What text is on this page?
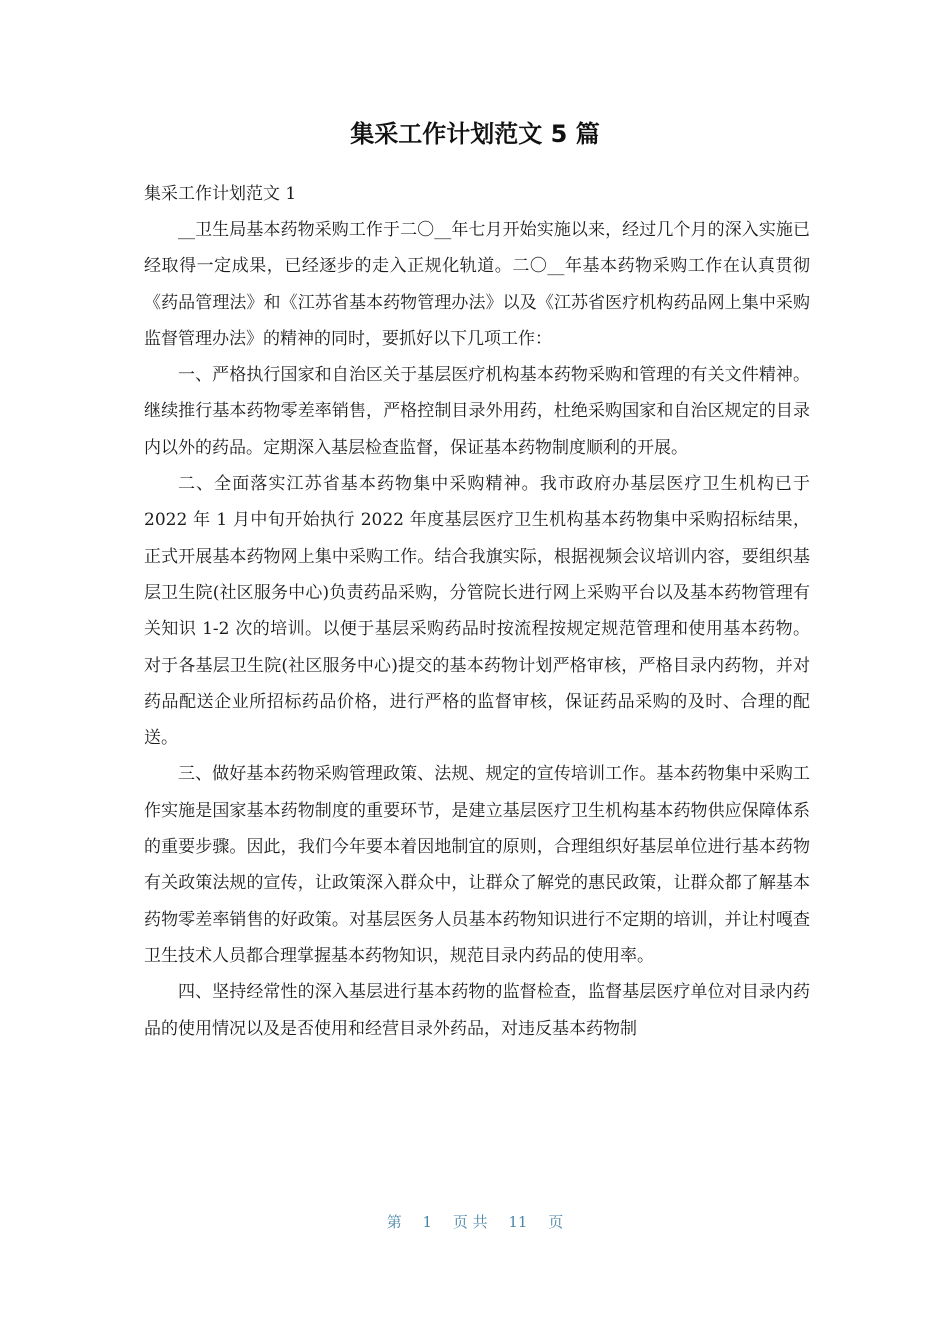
集采工作计划范文 5 篇

集采工作计划范文 1

__卫生局基本药物采购工作于二〇__年七月开始实施以来，经过几个月的深入实施已经取得一定成果，已经逐步的走入正规化轨道。二〇__年基本药物采购工作在认真贯彻《药品管理法》和《江苏省基本药物管理办法》以及《江苏省医疗机构药品网上集中采购监督管理办法》的精神的同时，要抓好以下几项工作：

一、严格执行国家和自治区关于基层医疗机构基本药物采购和管理的有关文件精神。继续推行基本药物零差率销售，严格控制目录外用药，杜绝采购国家和自治区规定的目录内以外的药品。定期深入基层检查监督，保证基本药物制度顺利的开展。

二、全面落实江苏省基本药物集中采购精神。我市政府办基层医疗卫生机构已于 2022 年 1 月中旬开始执行 2022 年度基层医疗卫生机构基本药物集中采购招标结果，正式开展基本药物网上集中采购工作。结合我旗实际，根据视频会议培训内容，要组织基层卫生院(社区服务中心)负责药品采购，分管院长进行网上采购平台以及基本药物管理有关知识 1-2 次的培训。以便于基层采购药品时按流程按规定规范管理和使用基本药物。对于各基层卫生院(社区服务中心)提交的基本药物计划严格审核，严格目录内药物，并对药品配送企业所招标药品价格，进行严格的监督审核，保证药品采购的及时、合理的配送。

三、做好基本药物采购管理政策、法规、规定的宣传培训工作。基本药物集中采购工作实施是国家基本药物制度的重要环节，是建立基层医疗卫生机构基本药物供应保障体系的重要步骤。因此，我们今年要本着因地制宜的原则，合理组织好基层单位进行基本药物有关政策法规的宣传，让政策深入群众中，让群众了解党的惠民政策，让群众都了解基本药物零差率销售的好政策。对基层医务人员基本药物知识进行不定期的培训，并让村嘎查卫生技术人员都合理掌握基本药物知识，规范目录内药品的使用率。

四、坚持经常性的深入基层进行基本药物的监督检查，监督基层医疗单位对目录内药品的使用情况以及是否使用和经营目录外药品，对违反基本药物制

第 1 页 共 11 页
